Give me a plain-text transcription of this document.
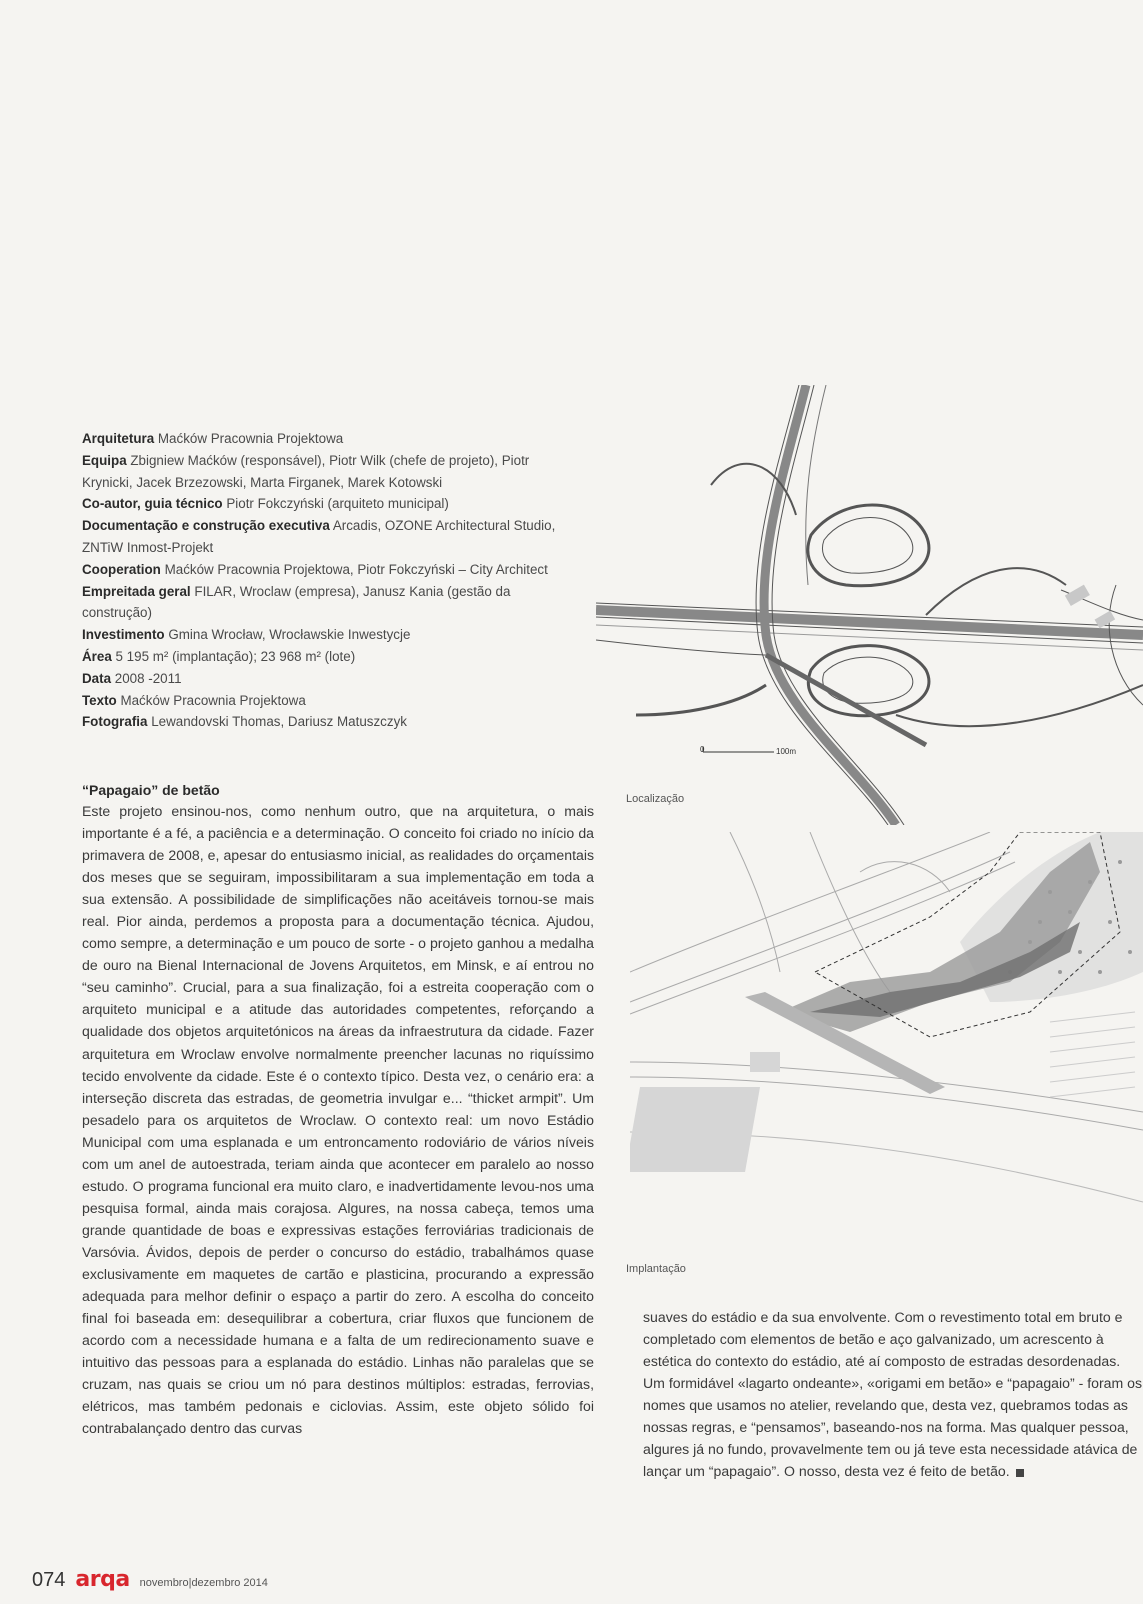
Arquitetura Maćków Pracownia Projektowa
Equipa Zbigniew Maćków (responsável), Piotr Wilk (chefe de projeto), Piotr Krynicki, Jacek Brzezowski, Marta Firganek, Marek Kotowski
Co-autor, guia técnico Piotr Fokczyński (arquiteto municipal)
Documentação e construção executiva Arcadis, OZONE Architectural Studio, ZNTiW Inmost-Projekt
Cooperation Maćków Pracownia Projektowa, Piotr Fokczyński – City Architect
Empreitada geral FILAR, Wroclaw (empresa), Janusz Kania (gestão da construção)
Investimento Gmina Wrocław, Wrocławskie Inwestycje
Área 5 195 m² (implantação); 23 968 m² (lote)
Data 2008 -2011
Texto Maćków Pracownia Projektowa
Fotografia Lewandovski Thomas, Dariusz Matuszczyk
0	100m
Localização
Implantação
“Papagaio” de betão

Este projeto ensinou-nos, como nenhum outro, que na arquitetura, o mais importante é a fé, a paciência e a determinação. O conceito foi criado no início da primavera de 2008, e, apesar do entusiasmo inicial, as realidades do orçamentais dos meses que se seguiram, impossibilitaram a sua implementação em toda a sua extensão. A possibilidade de simplificações não aceitáveis tornou-se mais real. Pior ainda, perdemos a proposta para a documentação técnica. Ajudou, como sempre, a determinação e um pouco de sorte - o projeto ganhou a medalha de ouro na Bienal Internacional de Jovens Arquitetos, em Minsk, e aí entrou no “seu caminho”. Crucial, para a sua finalização, foi a estreita cooperação com o arquiteto municipal e a atitude das autoridades competentes, reforçando a qualidade dos objetos arquitetónicos na áreas da infraestrutura da cidade. Fazer arquitetura em Wroclaw envolve normalmente preencher lacunas no riquíssimo tecido envolvente da cidade. Este é o contexto típico. Desta vez, o cenário era: a interseção discreta das estradas, de geometria invulgar e... “thicket armpit”. Um pesadelo para os arquitetos de Wroclaw. O contexto real: um novo Estádio Municipal com uma esplanada e um entroncamento rodoviário de vários níveis com um anel de autoestrada, teriam ainda que acontecer em paralelo ao nosso estudo. O programa funcional era muito claro, e inadvertidamente levou-nos uma pesquisa formal, ainda mais corajosa. Algures, na nossa cabeça, temos uma grande quantidade de boas e expressivas estações ferroviárias tradicionais de Varsóvia. Ávidos, depois de perder o concurso do estádio, trabalhámos quase exclusivamente em maquetes de cartão e plasticina, procurando a expressão adequada para melhor definir o espaço a partir do zero. A escolha do conceito final foi baseada em: desequilibrar a cobertura, criar fluxos que funcionem de acordo com a necessidade humana e a falta de um redirecionamento suave e intuitivo das pessoas para a esplanada do estádio. Linhas não paralelas que se cruzam, nas quais se criou um nó para destinos múltiplos: estradas, ferrovias, elétricos, mas também pedonais e ciclovias. Assim, este objeto sólido foi contrabalançado dentro das curvas

suaves do estádio e da sua envolvente. Com o revestimento total em bruto e completado com elementos de betão e aço galvanizado, um acrescento à estética do contexto do estádio, até aí composto de estradas desordenadas. Um formidável «lagarto ondeante», «origami em betão» e “papagaio” - foram os nomes que usamos no atelier, revelando que, desta vez, quebramos todas as nossas regras, e “pensamos”, baseando-nos na forma. Mas qualquer pessoa, algures já no fundo, provavelmente tem ou já teve esta necessidade atávica de lançar um “papagaio”. O nosso, desta vez é feito de betão.

074 arqa novembro|dezembro 2014
